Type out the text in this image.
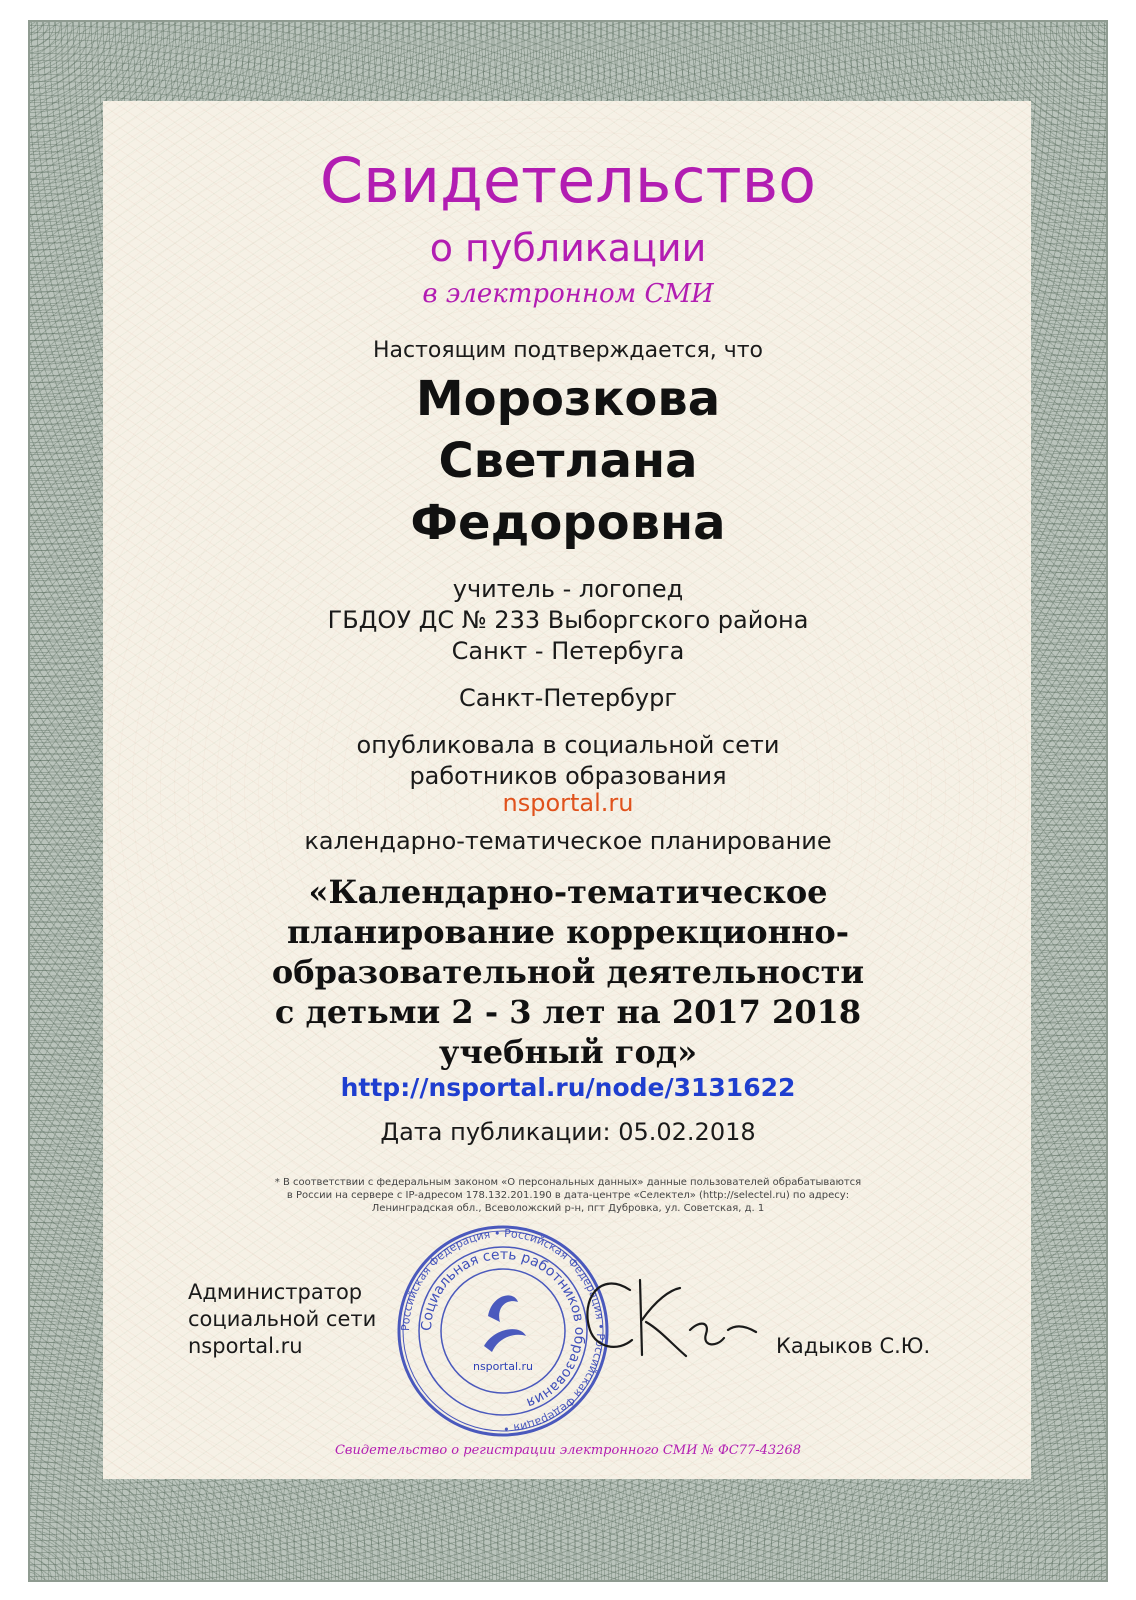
Свидетельство
о публикации
в электронном СМИ
Настоящим подтверждается, что
Морозкова
Светлана
Федоровна
учитель - логопед
ГБДОУ ДС № 233 Выборгского района
Санкт - Петербуга
Санкт-Петербург
опубликовала в социальной сети
работников образования
nsportal.ru
календарно-тематическое планирование
«Календарно-тематическое
планирование коррекционно-
образовательной деятельности
с детьми 2 - 3 лет на 2017 2018
учебный год»
http://nsportal.ru/node/3131622
Дата публикации: 05.02.2018
* В соответствии с федеральным законом «О персональных данных» данные пользователей обрабатываются
в России на сервере с IP-адресом 178.132.201.190 в дата-центре «Селектел» (http://selectel.ru) по адресу:
Ленинградская обл., Всеволожский р-н, пгт Дубровка, ул. Советская, д. 1
Администратор
социальной сети
nsportal.ru
Российская Федерация • Российская Федерация • Российская Федерация •
Социальная сеть работников образования
nsportal.ru
Кадыков С.Ю.
Свидетельство о регистрации электронного СМИ № ФС77-43268
